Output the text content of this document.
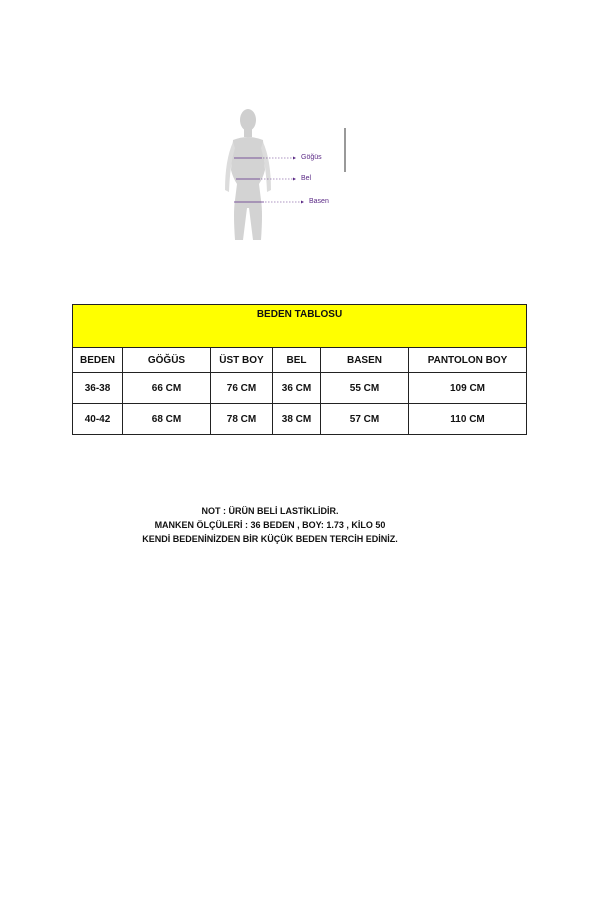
Göğüs
Bel
Basen
BEDEN TABLOSU					
BEDEN	GÖĞÜS	ÜST BOY	BEL	BASEN	PANTOLON BOY
36-38	66 CM	76 CM	36 CM	55 CM	109 CM
40-42	68 CM	78 CM	38 CM	57 CM	110 CM
NOT : ÜRÜN BELİ LASTİKLİDİR.
MANKEN ÖLÇÜLERİ : 36 BEDEN , BOY: 1.73 , KİLO 50
KENDİ BEDENİNİZDEN BİR KÜÇÜK BEDEN TERCİH EDİNİZ.
